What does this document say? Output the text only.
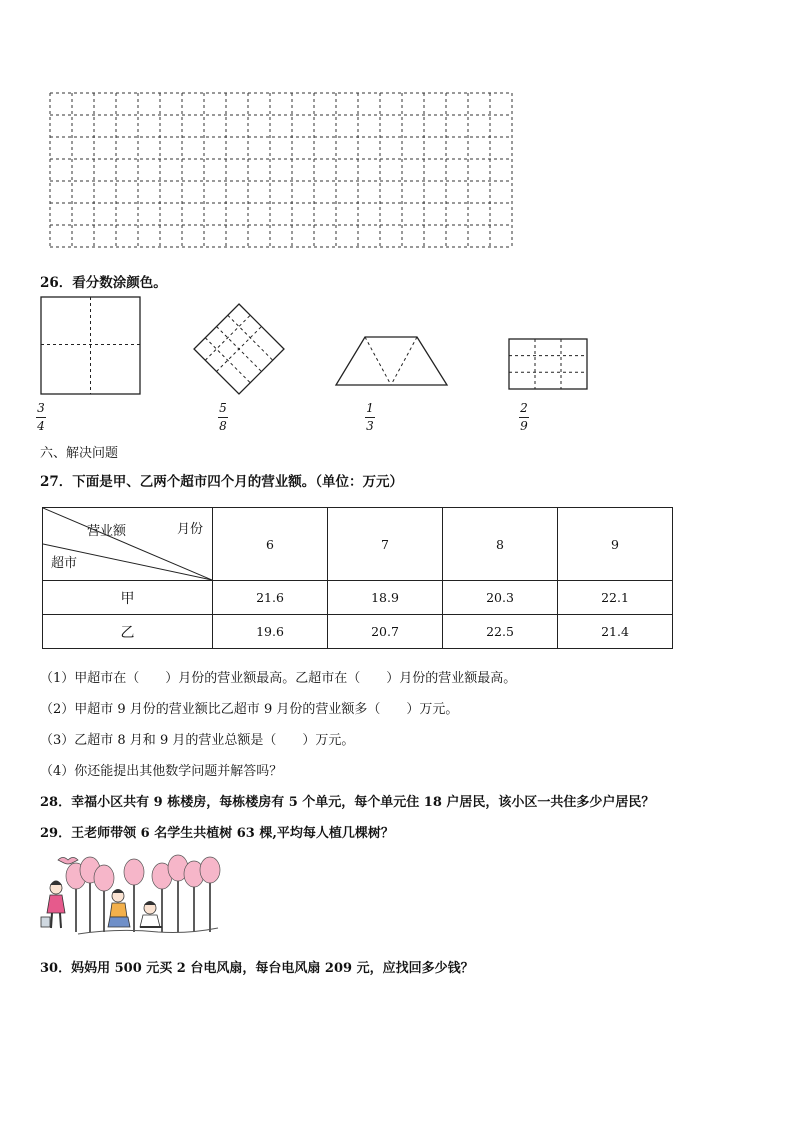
26．看分数涂颜色。
3
4
5
8
1
3
2
9
六、解决问题
27．下面是甲、乙两个超市四个月的营业额。（单位：万元）
营业额 月份
超市	6	7	8	9
甲	21.6	18.9	20.3	22.1
乙	19.6	20.7	22.5	21.4
（1）甲超市在（　　）月份的营业额最高。乙超市在（　　）月份的营业额最高。
（2）甲超市 9 月份的营业额比乙超市 9 月份的营业额多（　　）万元。
（3）乙超市 8 月和 9 月的营业总额是（　　）万元。
（4）你还能提出其他数学问题并解答吗？
28．幸福小区共有 9 栋楼房，每栋楼房有 5 个单元，每个单元住 18 户居民，该小区一共住多少户居民？
29．王老师带领 6 名学生共植树 63 棵,平均每人植几棵树？
30．妈妈用 500 元买 2 台电风扇，每台电风扇 209 元，应找回多少钱？
